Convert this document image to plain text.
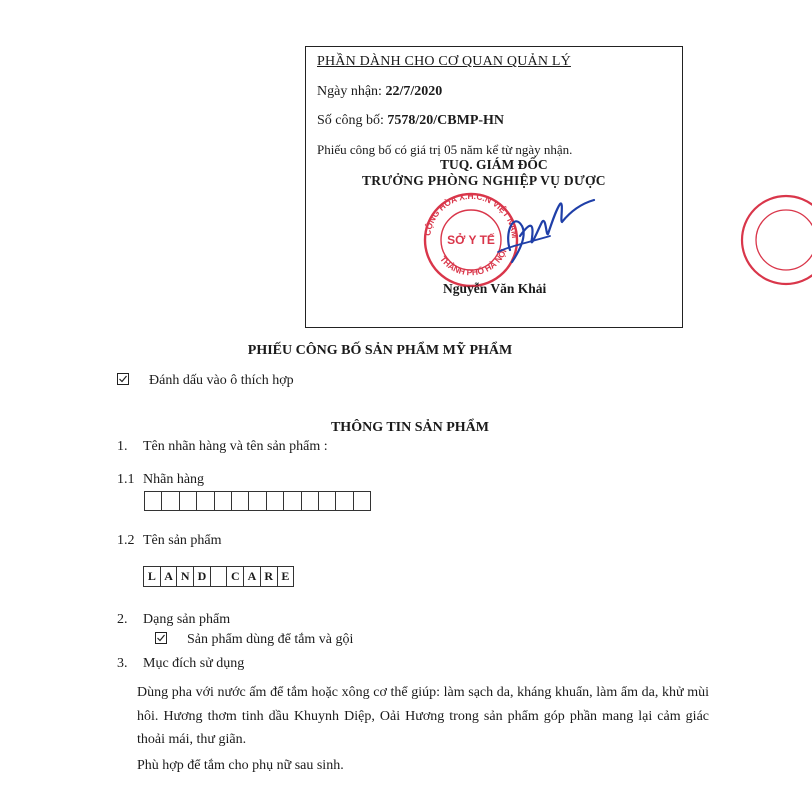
PHẦN DÀNH CHO CƠ QUAN QUẢN LÝ
Ngày nhận: 22/7/2020
Số công bố: 7578/20/CBMP-HN
Phiếu công bố có giá trị 05 năm kể từ ngày nhận.
TUQ. GIÁM ĐỐC
TRƯỞNG PHÒNG NGHIỆP VỤ DƯỢC
CỘNG HÒA X.H.C.N VIỆT NAM
THÀNH PHỐ HÀ NỘI
SỞ Y TẾ
Nguyễn Văn Khải
PHIẾU CÔNG BỐ SẢN PHẨM MỸ PHẨM
Đánh dấu vào ô thích hợp
THÔNG TIN SẢN PHẨM
1. Tên nhãn hàng và tên sản phẩm :
1.1 Nhãn hàng
1.2 Tên sản phẩm
L A N D	C A R E
2. Dạng sản phẩm
Sản phẩm dùng để tắm và gội
3. Mục đích sử dụng
Dùng pha với nước ấm để tắm hoặc xông cơ thể giúp: làm sạch da, kháng khuẩn, làm ẩm da, khử mùi hôi. Hương thơm tinh dầu Khuynh Diệp, Oải Hương trong sản phẩm góp phần mang lại cảm giác thoải mái, thư giãn.
Phù hợp để tắm cho phụ nữ sau sinh.
